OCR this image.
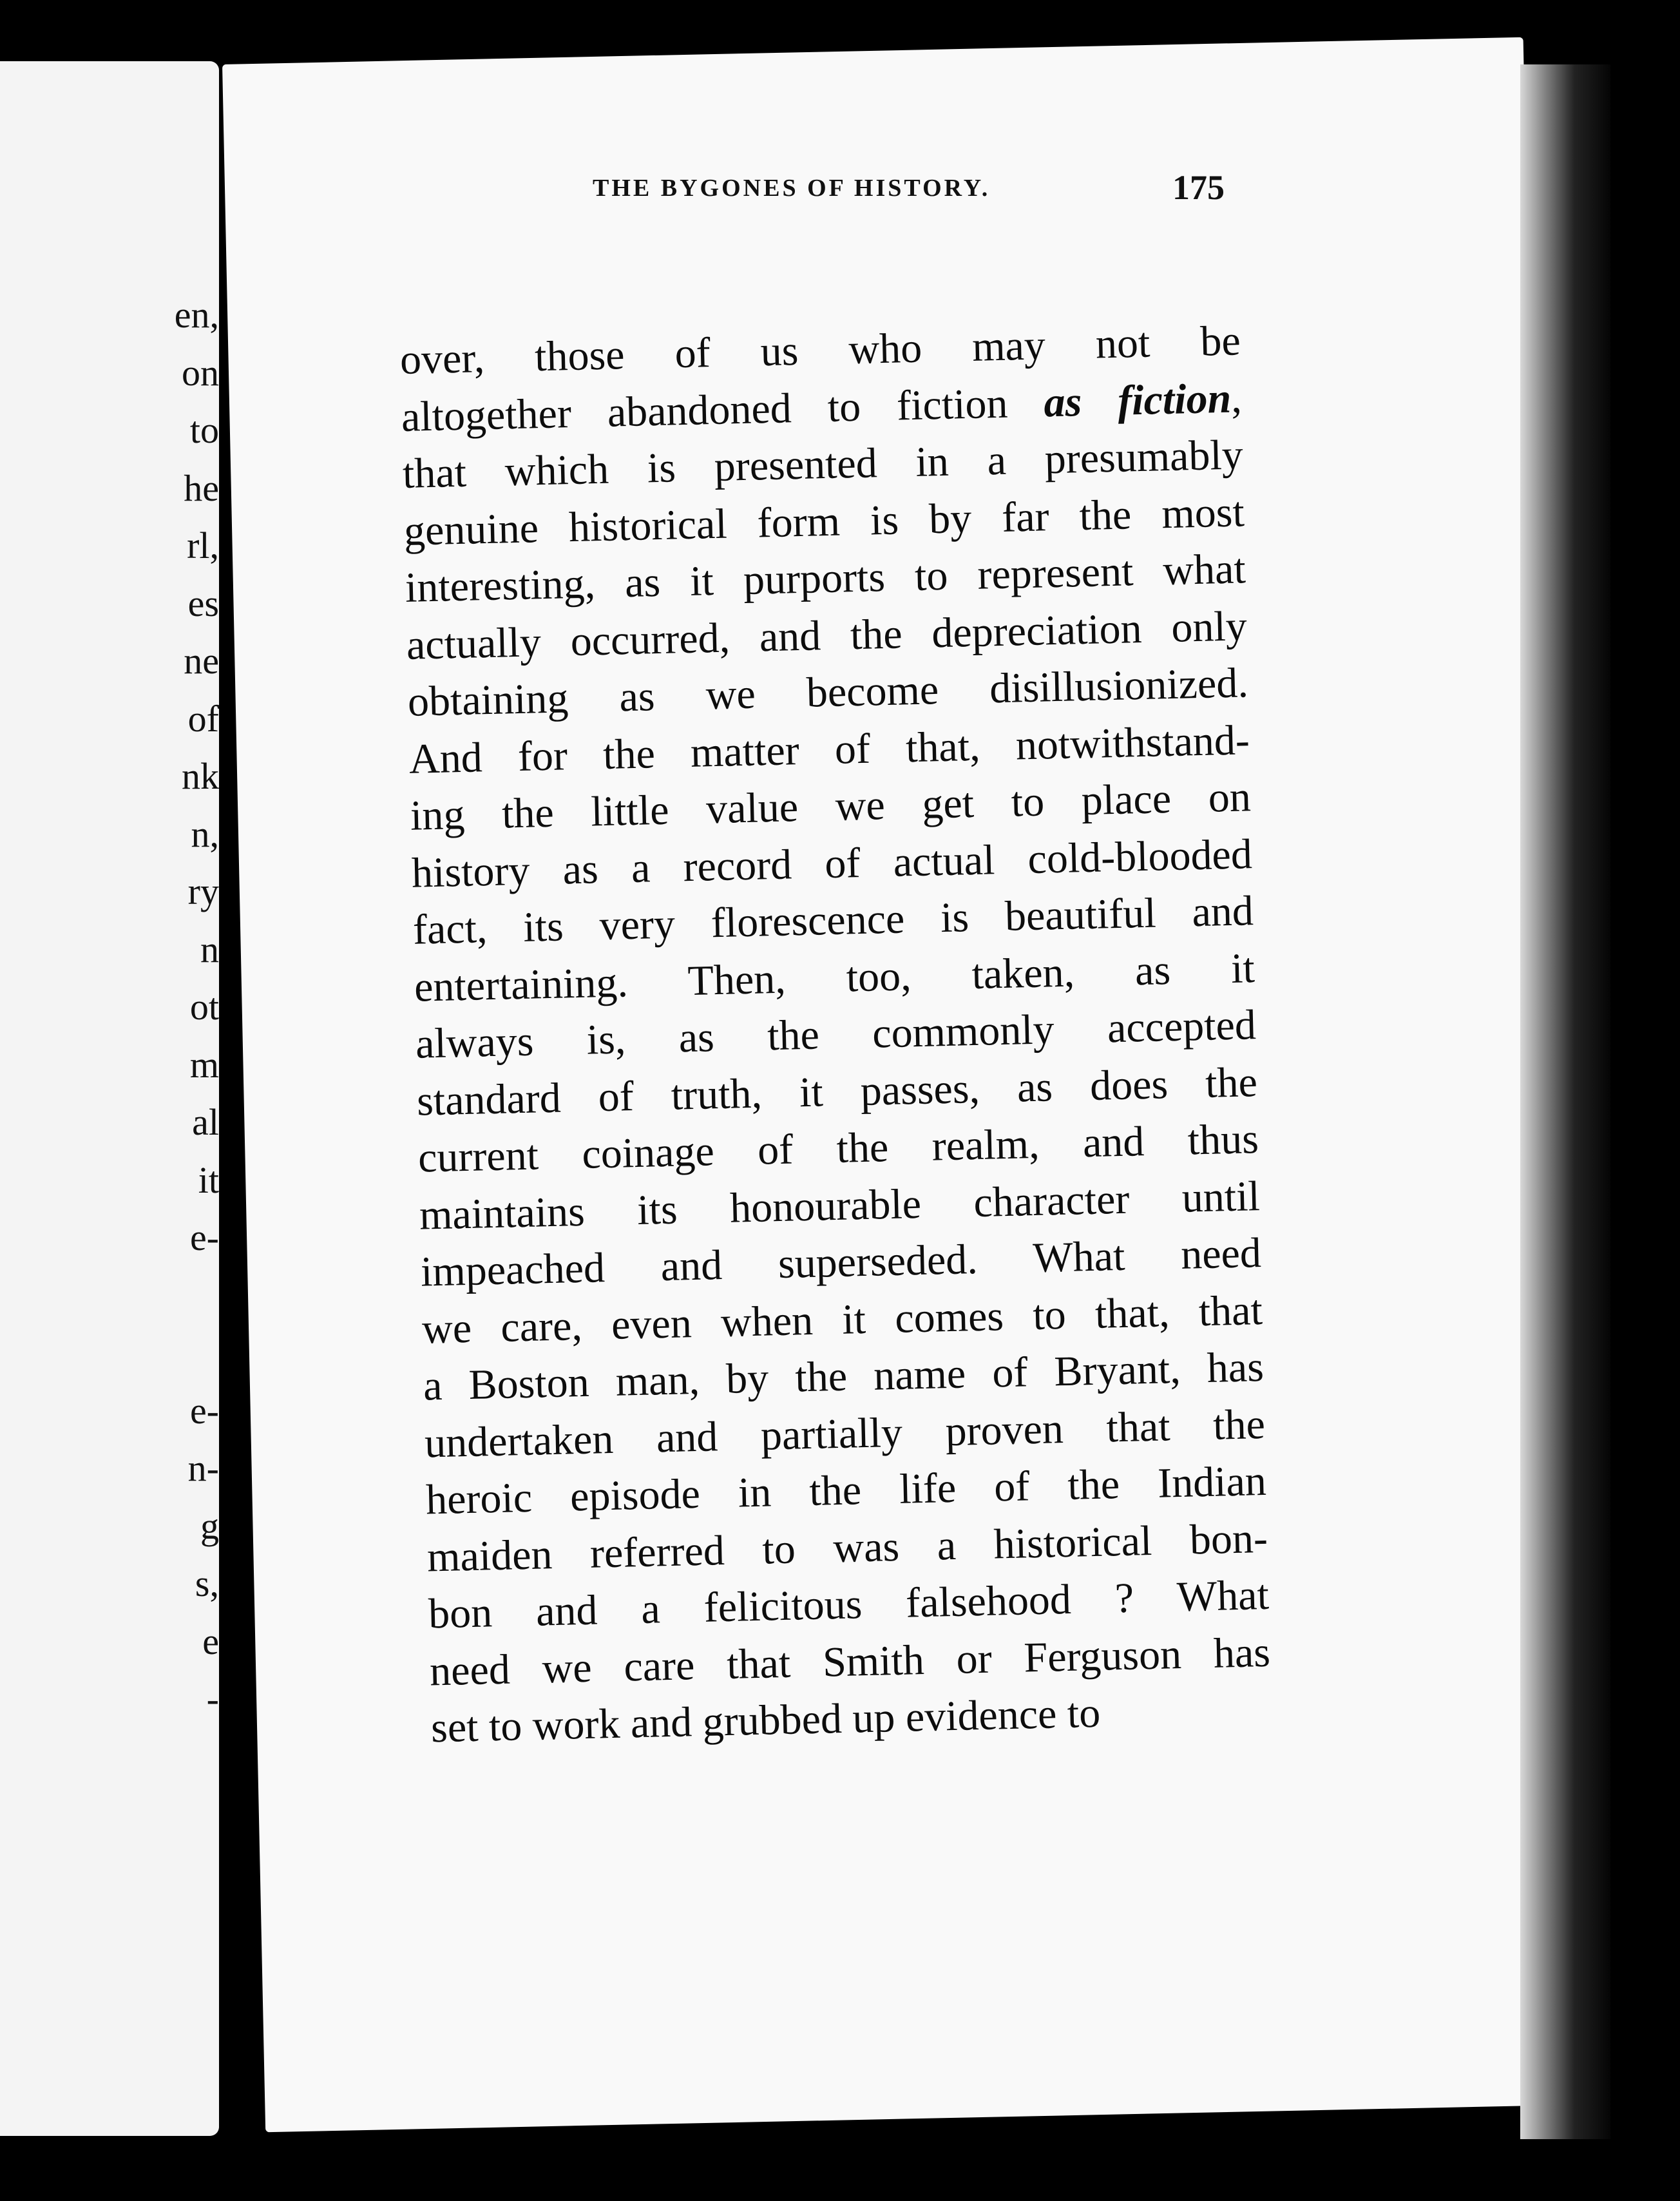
en,
on
to
he
rl,
es
ne
of
nk
n,
ry
n
ot
m
al
it
e-
e-
n-
g
s,
e
-
THE BYGONES OF HISTORY.	175
over, those of us who may not be
altogether abandoned to fiction as fiction,
that which is presented in a presumably
genuine historical form is by far the most
interesting, as it purports to represent what
actually occurred, and the depreciation only
obtaining as we become disillusionized.
And for the matter of that, notwithstand-
ing the little value we get to place on
history as a record of actual cold-blooded
fact, its very florescence is beautiful and
entertaining. Then, too, taken, as it
always is, as the commonly accepted
standard of truth, it passes, as does the
current coinage of the realm, and thus
maintains its honourable character until
impeached and superseded. What need
we care, even when it comes to that, that
a Boston man, by the name of Bryant, has
undertaken and partially proven that the
heroic episode in the life of the Indian
maiden referred to was a historical bon-
bon and a felicitous falsehood ? What
need we care that Smith or Ferguson has
set to work and grubbed up evidence to
